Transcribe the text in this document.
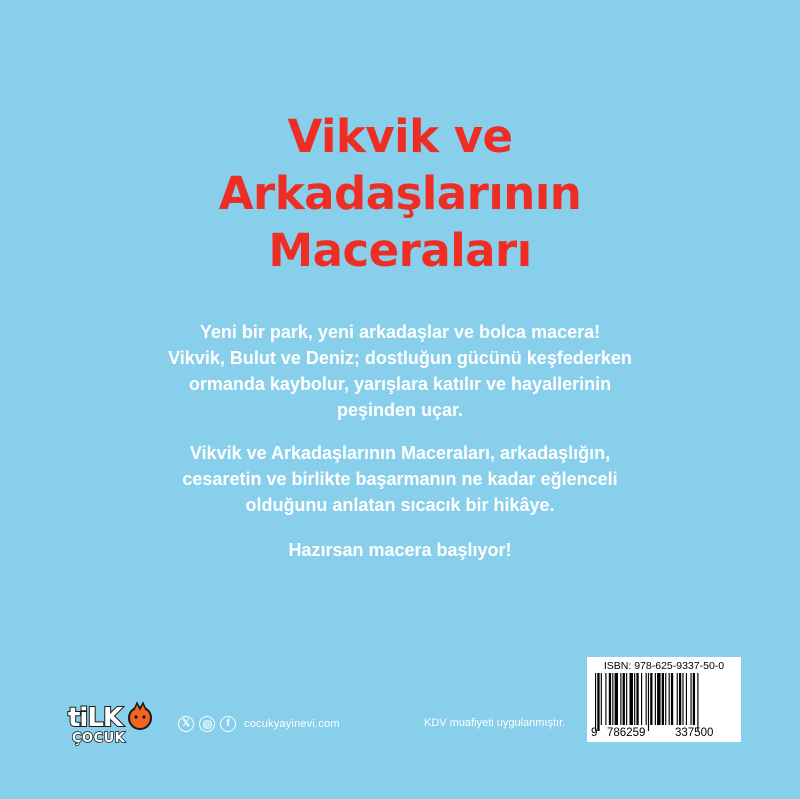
Vikvik ve
Arkadaşlarının
Maceraları
Yeni bir park, yeni arkadaşlar ve bolca macera!
Vikvik, Bulut ve Deniz; dostluğun gücünü keşfederken
ormanda kaybolur, yarışlara katılır ve hayallerinin
peşinden uçar.
Vikvik ve Arkadaşlarının Maceraları, arkadaşlığın,
cesaretin ve birlikte başarmanın ne kadar eğlenceli
olduğunu anlatan sıcacık bir hikâye.
Hazırsan macera başlıyor!
tiLK
ÇOCUK
𝕏	f	cocukyayinevi.com	KDV muafiyeti uygulanmıştır.
ISBN: 978-625-9337-50-0
9 786259	337500
